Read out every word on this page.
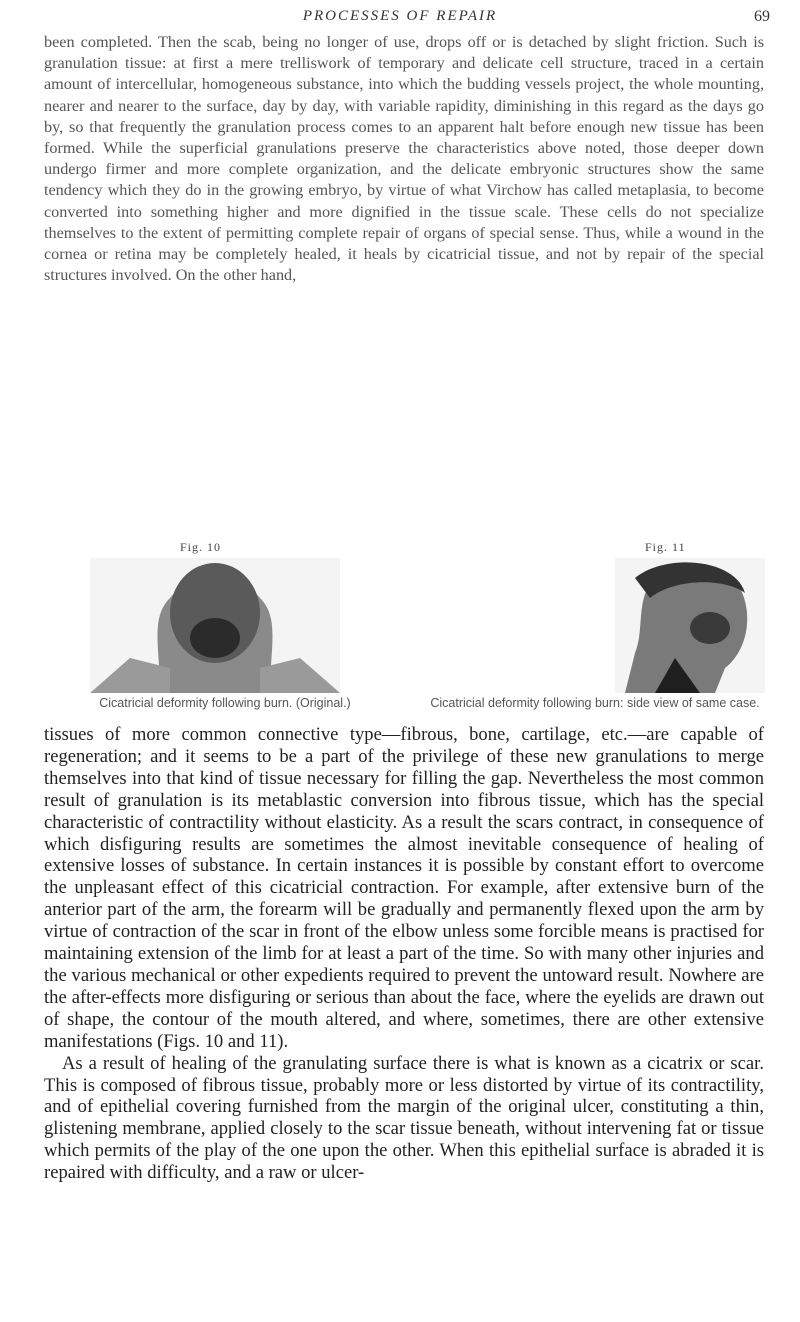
PROCESSES OF REPAIR	69

been completed. Then the scab, being no longer of use, drops off or is detached by slight friction. Such is granulation tissue: at first a mere trelliswork of temporary and delicate cell structure, traced in a certain amount of intercellular, homogeneous substance, into which the budding vessels project, the whole mounting, nearer and nearer to the surface, day by day, with variable rapidity, diminishing in this regard as the days go by, so that frequently the granulation process comes to an apparent halt before enough new tissue has been formed. While the superficial granulations preserve the characteristics above noted, those deeper down undergo firmer and more complete organization, and the delicate embryonic structures show the same tendency which they do in the growing embryo, by virtue of what Virchow has called metaplasia, to become converted into something higher and more dignified in the tissue scale. These cells do not specialize themselves to the extent of permitting complete repair of organs of special sense. Thus, while a wound in the cornea or retina may be completely healed, it heals by cicatricial tissue, and not by repair of the special structures involved. On the other hand,

Fig. 10
Cicatricial deformity following burn. (Original.)
Fig. 11
Cicatricial deformity following burn: side view of same case.

tissues of more common connective type—fibrous, bone, cartilage, etc.—are capable of regeneration; and it seems to be a part of the privilege of these new granulations to merge themselves into that kind of tissue necessary for filling the gap. Nevertheless the most common result of granulation is its metablastic conversion into fibrous tissue, which has the special characteristic of contractility without elasticity. As a result the scars contract, in consequence of which disfiguring results are sometimes the almost inevitable consequence of healing of extensive losses of substance. In certain instances it is possible by constant effort to overcome the unpleasant effect of this cicatricial contraction. For example, after extensive burn of the anterior part of the arm, the forearm will be gradually and permanently flexed upon the arm by virtue of contraction of the scar in front of the elbow unless some forcible means is practised for maintaining extension of the limb for at least a part of the time. So with many other injuries and the various mechanical or other expedients required to prevent the untoward result. Nowhere are the after-effects more disfiguring or serious than about the face, where the eyelids are drawn out of shape, the contour of the mouth altered, and where, sometimes, there are other extensive manifestations (Figs. 10 and 11).

As a result of healing of the granulating surface there is what is known as a cicatrix or scar. This is composed of fibrous tissue, probably more or less distorted by virtue of its contractility, and of epithelial covering furnished from the margin of the original ulcer, constituting a thin, glistening membrane, applied closely to the scar tissue beneath, without intervening fat or tissue which permits of the play of the one upon the other. When this epithelial surface is abraded it is repaired with difficulty, and a raw or ulcer-
